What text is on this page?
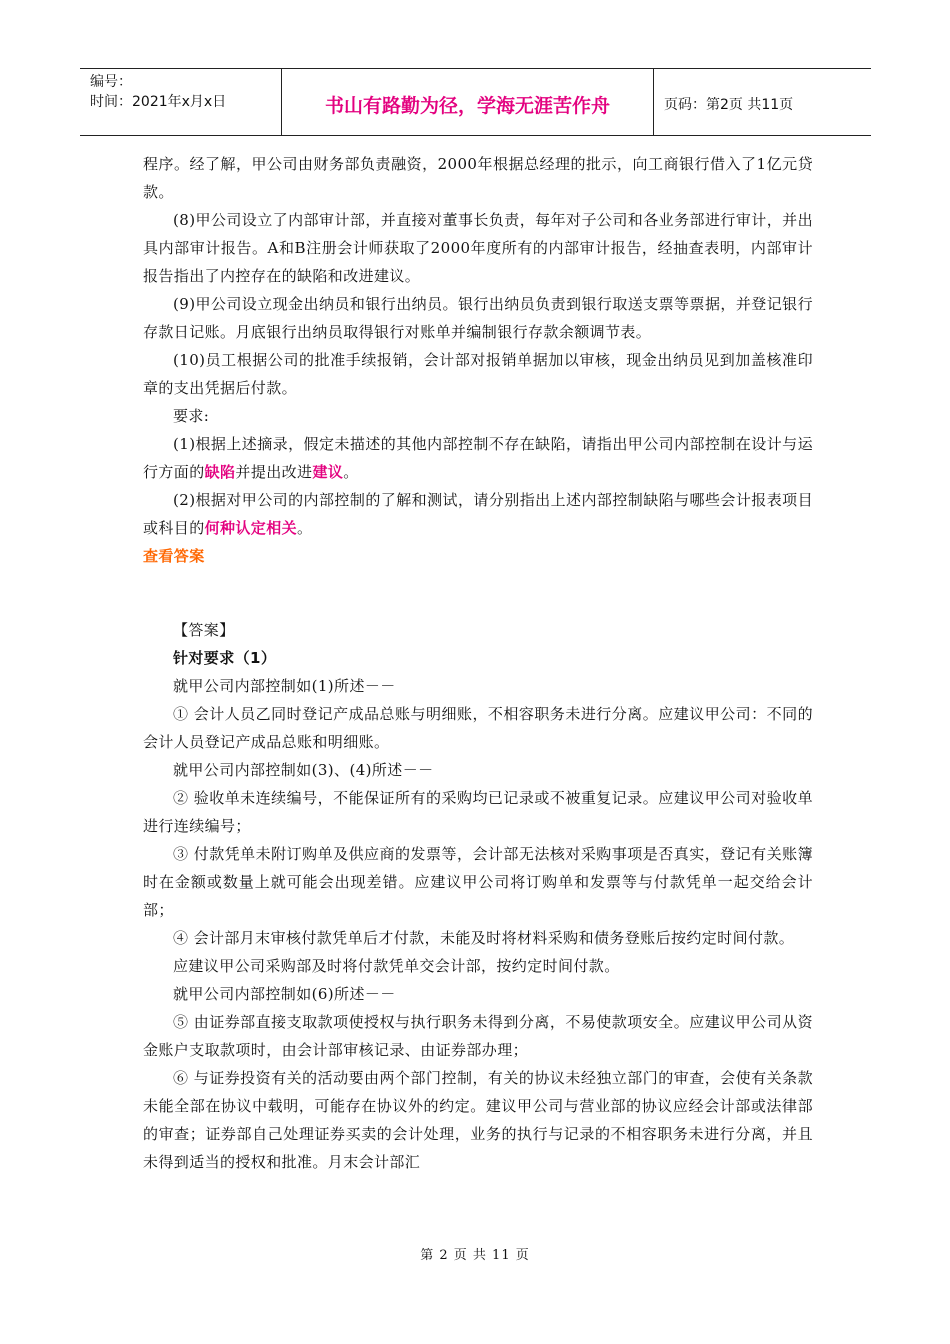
编号：
时间：2021年x月x日	书山有路勤为径，学海无涯苦作舟	页码：第2页 共11页

程序。经了解，甲公司由财务部负责融资，2000年根据总经理的批示，向工商银行借入了1亿元贷款。

(8)甲公司设立了内部审计部，并直接对董事长负责，每年对子公司和各业务部进行审计，并出具内部审计报告。A和B注册会计师获取了2000年度所有的内部审计报告，经抽查表明，内部审计报告指出了内控存在的缺陷和改进建议。

(9)甲公司设立现金出纳员和银行出纳员。银行出纳员负责到银行取送支票等票据，并登记银行存款日记账。月底银行出纳员取得银行对账单并编制银行存款余额调节表。

(10)员工根据公司的批准手续报销，会计部对报销单据加以审核，现金出纳员见到加盖核准印章的支出凭据后付款。

要求:

(1)根据上述摘录，假定未描述的其他内部控制不存在缺陷，请指出甲公司内部控制在设计与运行方面的缺陷并提出改进建议。

(2)根据对甲公司的内部控制的了解和测试，请分别指出上述内部控制缺陷与哪些会计报表项目或科目的何种认定相关。

查看答案

【答案】

针对要求（1）

就甲公司内部控制如(1)所述－－

① 会计人员乙同时登记产成品总账与明细账，不相容职务未进行分离。应建议甲公司：不同的会计人员登记产成品总账和明细账。

就甲公司内部控制如(3)、(4)所述－－

② 验收单未连续编号，不能保证所有的采购均已记录或不被重复记录。应建议甲公司对验收单进行连续编号；

③ 付款凭单未附订购单及供应商的发票等，会计部无法核对采购事项是否真实，登记有关账簿时在金额或数量上就可能会出现差错。应建议甲公司将订购单和发票等与付款凭单一起交给会计部；

④ 会计部月末审核付款凭单后才付款，未能及时将材料采购和债务登账后按约定时间付款。

应建议甲公司采购部及时将付款凭单交会计部，按约定时间付款。

就甲公司内部控制如(6)所述－－

⑤ 由证券部直接支取款项使授权与执行职务未得到分离，不易使款项安全。应建议甲公司从资金账户支取款项时，由会计部审核记录、由证券部办理；

⑥ 与证券投资有关的活动要由两个部门控制，有关的协议未经独立部门的审查，会使有关条款未能全部在协议中载明，可能存在协议外的约定。建议甲公司与营业部的协议应经会计部或法律部的审查；证券部自己处理证券买卖的会计处理，业务的执行与记录的不相容职务未进行分离，并且未得到适当的授权和批准。月末会计部汇

第 2 页 共 11 页
